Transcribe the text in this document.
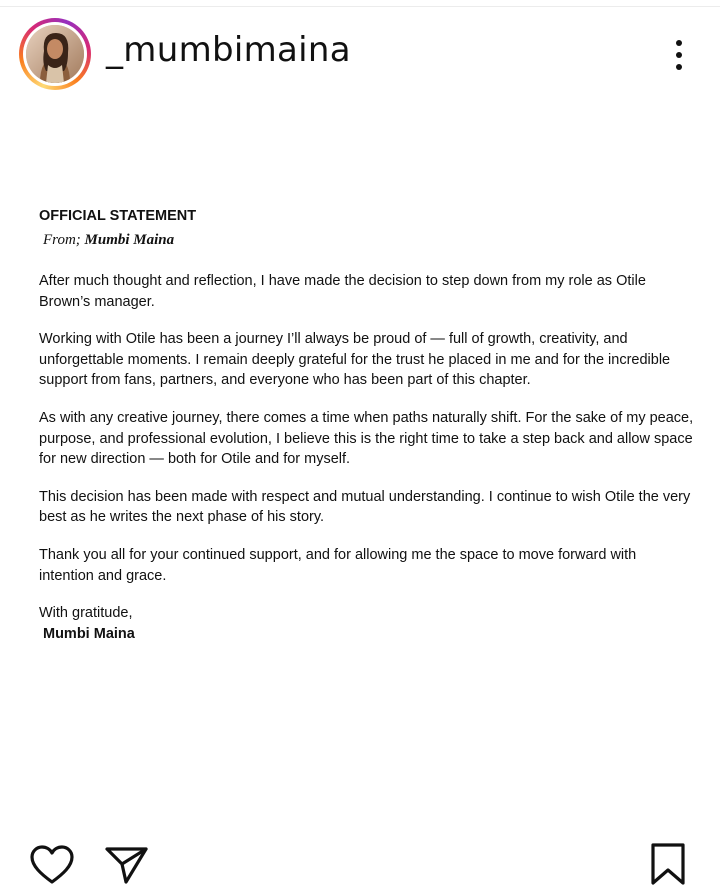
_mumbimaina

OFFICIAL STATEMENT

From; Mumbi Maina

After much thought and reflection, I have made the decision to step down from my role as Otile Brown’s manager.

Working with Otile has been a journey I’ll always be proud of — full of growth, creativity, and unforgettable moments. I remain deeply grateful for the trust he placed in me and for the incredible support from fans, partners, and everyone who has been part of this chapter.

As with any creative journey, there comes a time when paths naturally shift. For the sake of my peace, purpose, and professional evolution, I believe this is the right time to take a step back and allow space for new direction — both for Otile and for myself.

This decision has been made with respect and mutual understanding. I continue to wish Otile the very best as he writes the next phase of his story.

Thank you all for your continued support, and for allowing me the space to move forward with intention and grace.

With gratitude,

Mumbi Maina
